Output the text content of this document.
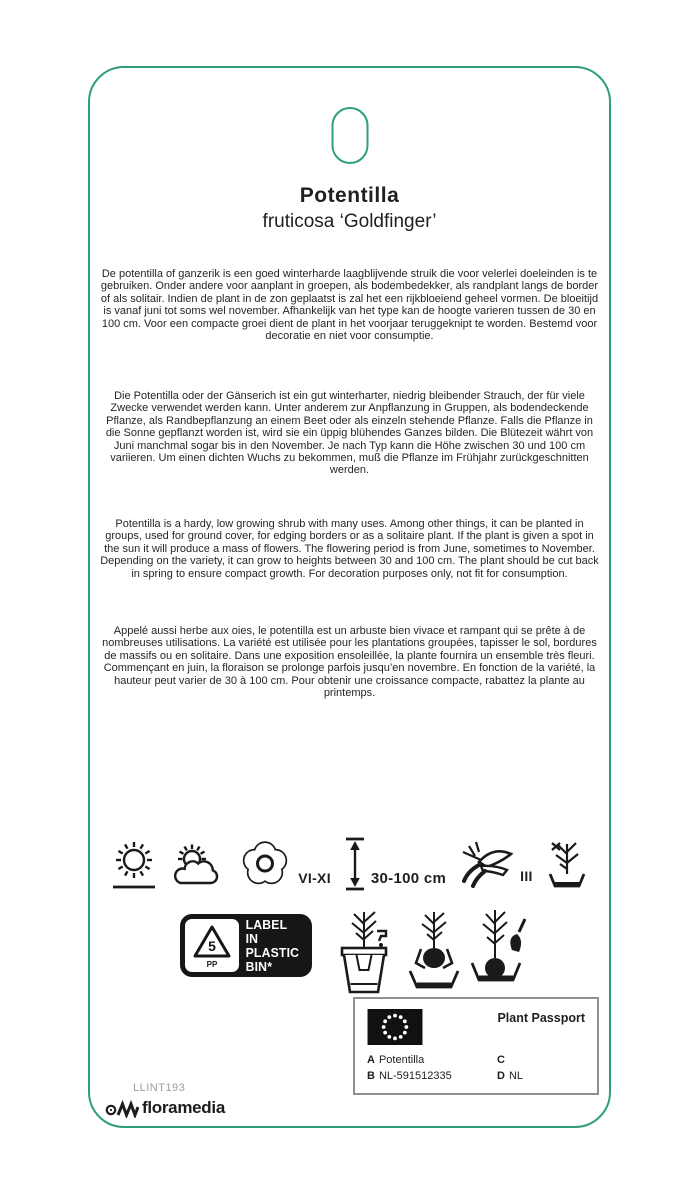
Potentilla
fruticosa ‘Goldfinger’

De potentilla of ganzerik is een goed winterharde laagblijvende struik die voor velerlei doeleinden is te gebruiken. Onder andere voor aanplant in groepen, als bodembedekker, als randplant langs de border of als solitair. Indien de plant in de zon geplaatst is zal het een rijkbloeiend geheel vormen. De bloeitijd is vanaf juni tot soms wel november. Afhankelijk van het type kan de hoogte varieren tussen de 30 en 100 cm. Voor een compacte groei dient de plant in het voorjaar teruggeknipt te worden. Bestemd voor decoratie en niet voor consumptie.

Die Potentilla oder der Gänserich ist ein gut winterharter, niedrig bleibender Strauch, der für viele Zwecke verwendet werden kann. Unter anderem zur Anpflanzung in Gruppen, als bodendeckende Pflanze, als Randbepflanzung an einem Beet oder als einzeln stehende Pflanze. Falls die Pflanze in die Sonne gepflanzt worden ist, wird sie ein üppig blühendes Ganzes bilden. Die Blütezeit währt von Juni manchmal sogar bis in den November. Je nach Typ kann die Höhe zwischen 30 und 100 cm variieren. Um einen dichten Wuchs zu bekommen, muß die Pflanze im Frühjahr zurückgeschnitten werden.

Potentilla is a hardy, low growing shrub with many uses. Among other things, it can be planted in groups, used for ground cover, for edging borders or as a solitaire plant. If the plant is given a spot in the sun it will produce a mass of flowers. The flowering period is from June, sometimes to November. Depending on the variety, it can grow to heights between 30 and 100 cm. The plant should be cut back in spring to ensure compact growth. For decoration purposes only, not fit for consumption.

Appelé aussi herbe aux oies, le potentilla est un arbuste bien vivace et rampant qui se prête à de nombreuses utilisations. La variété est utilisée pour les plantations groupées, tapisser le sol, bordures de massifs ou en solitaire. Dans une exposition ensoleillée, la plante fournira un ensemble très fleuri. Commençant en juin, la floraison se prolonge parfois jusqu’en novembre. En fonction de la variété, la hauteur peut varier de 30 à 100 cm. Pour obtenir une croissance compacte, rabattez la plante au printemps.

VI-XI	30-100 cm	III
5
PP
LABEL IN
PLASTIC
BIN*
Plant Passport
A Potentilla	C
B NL-591512335	D NL
LLINT193
floramedia
